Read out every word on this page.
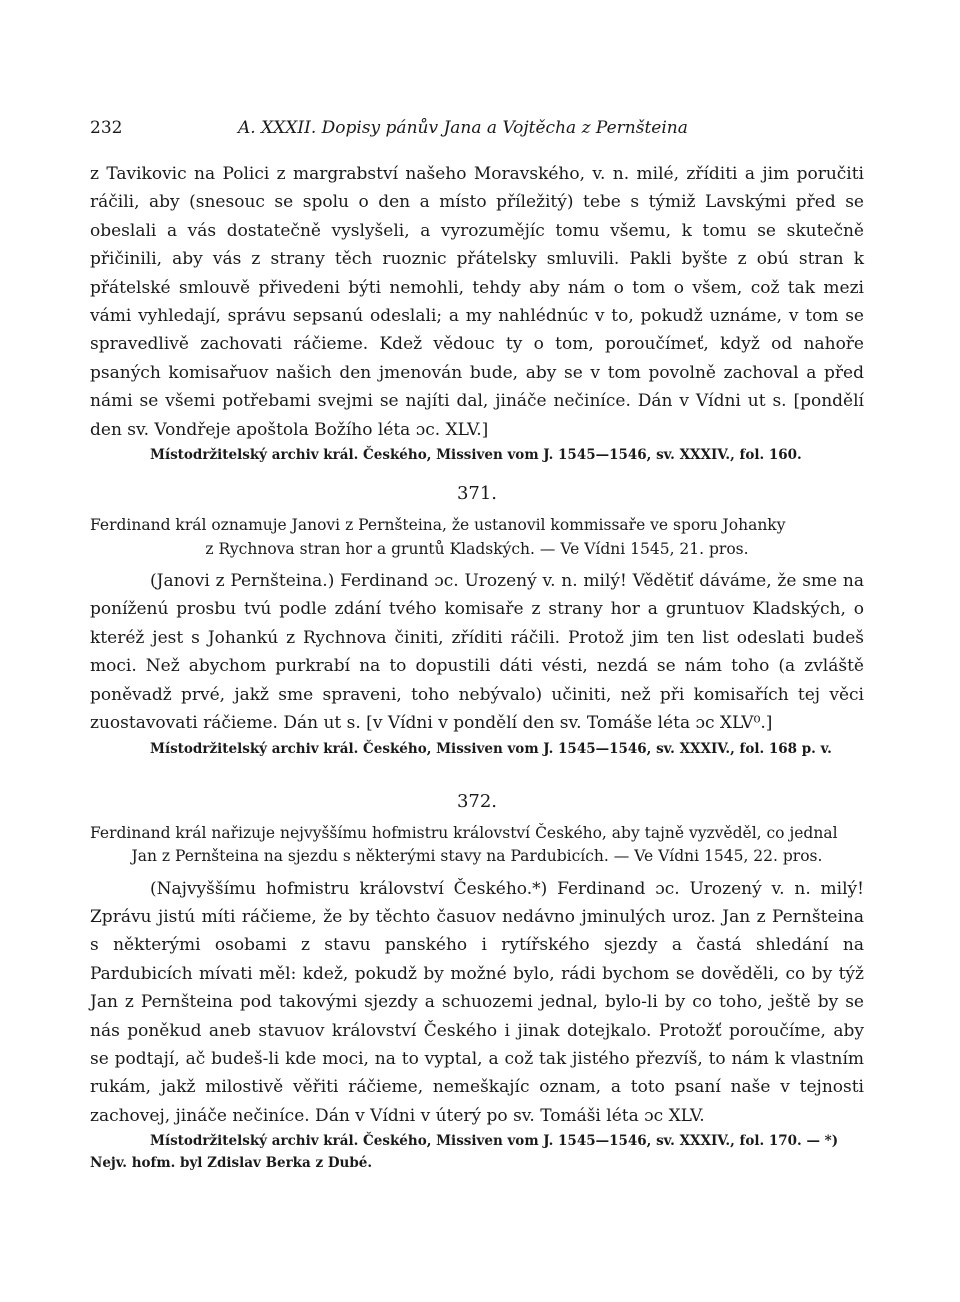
232	A. XXXII. Dopisy pánův Jana a Vojtěcha z Pernšteina

z Tavikovic na Polici z margrabství našeho Moravského, v. n. milé, zříditi a jim poručiti ráčili, aby (snesouc se spolu o den a místo příležitý) tebe s týmiž Lavskými před se obeslali a vás dostatečně vyslyšeli, a vyrozumějíc tomu všemu, k tomu se skutečně přičinili, aby vás z strany těch ruoznic přátelsky smluvili. Pakli byšte z obú stran k přátelské smlouvě přivedeni býti nemohli, tehdy aby nám o tom o všem, což tak mezi vámi vyhledají, správu sepsanú odeslali; a my nahlédnúc v to, pokudž uznáme, v tom se spravedlivě zachovati ráčieme. Kdež vědouc ty o tom, poroučímeť, když od nahoře psaných komisařuov našich den jmenován bude, aby se v tom povolně zachoval a před námi se všemi potřebami svejmi se najíti dal, jináče nečiníce. Dán v Vídni ut s. [pondělí den sv. Vondřeje apoštola Božího léta ɔc. XLV.]

Místodržitelský archiv král. Českého, Missiven vom J. 1545—1546, sv. XXXIV., fol. 160.

371.

Ferdinand král oznamuje Janovi z Pernšteina, že ustanovil kommissaře ve sporu Johanky
z Rychnova stran hor a gruntů Kladských. — Ve Vídni 1545, 21. pros.

(Janovi z Pernšteina.) Ferdinand ɔc. Urozený v. n. milý! Vědětiť dáváme, že sme na poníženú prosbu tvú podle zdání tvého komisaře z strany hor a gruntuov Kladských, o kteréž jest s Johankú z Rychnova činiti, zříditi ráčili. Protož jim ten list odeslati budeš moci. Než abychom purkrabí na to dopustili dáti vésti, nezdá se nám toho (a zvláště poněvadž prvé, jakž sme spraveni, toho nebývalo) učiniti, než při komisařích tej věci zuostavovati ráčieme. Dán ut s. [v Vídni v pondělí den sv. Tomáše léta ɔc XLV⁰.]

Místodržitelský archiv král. Českého, Missiven vom J. 1545—1546, sv. XXXIV., fol. 168 p. v.

372.

Ferdinand král nařizuje nejvyššímu hofmistru království Českého, aby tajně vyzvěděl, co jednal
Jan z Pernšteina na sjezdu s některými stavy na Pardubicích. — Ve Vídni 1545, 22. pros.

(Najvyššímu hofmistru království Českého.*) Ferdinand ɔc. Urozený v. n. milý! Zprávu jistú míti ráčieme, že by těchto časuov nedávno jminulých uroz. Jan z Pernšteina s některými osobami z stavu panského i rytířského sjezdy a častá shledání na Pardubicích mívati měl: kdež, pokudž by možné bylo, rádi bychom se dověděli, co by týž Jan z Pernšteina pod takovými sjezdy a schuozemi jednal, bylo-li by co toho, ještě by se nás poněkud aneb stavuov království Českého i jinak dotejkalo. Protožť poroučíme, aby se podtají, ač budeš-li kde moci, na to vyptal, a což tak jistého přezvíš, to nám k vlastním rukám, jakž milostivě věřiti ráčieme, nemeškajíc oznam, a toto psaní naše v tejnosti zachovej, jináče nečiníce. Dán v Vídni v úterý po sv. Tomáši léta ɔc XLV.

Místodržitelský archiv král. Českého, Missiven vom J. 1545—1546, sv. XXXIV., fol. 170. — *) Nejv. hofm. byl Zdislav Berka z Dubé.
